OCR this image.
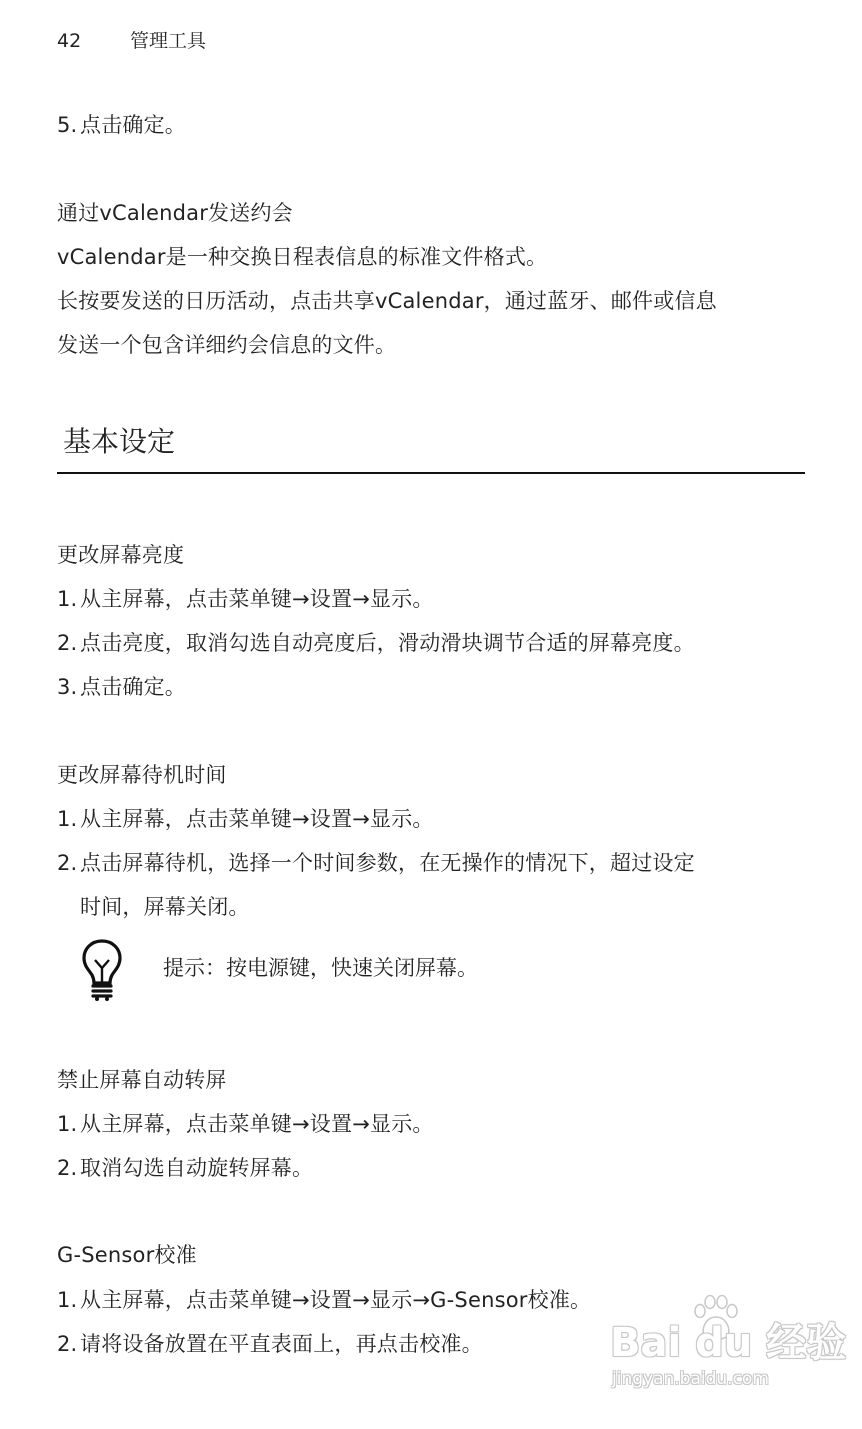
42	管理工具
5. 点击确定。
通过vCalendar发送约会
vCalendar是一种交换日程表信息的标准文件格式。
长按要发送的日历活动，点击共享vCalendar，通过蓝牙、邮件或信息
发送一个包含详细约会信息的文件。
基本设定
更改屏幕亮度
1. 从主屏幕，点击菜单键→设置→显示。
2. 点击亮度，取消勾选自动亮度后，滑动滑块调节合适的屏幕亮度。
3. 点击确定。
更改屏幕待机时间
1. 从主屏幕，点击菜单键→设置→显示。
2. 点击屏幕待机，选择一个时间参数，在无操作的情况下，超过设定
时间，屏幕关闭。
提示：按电源键，快速关闭屏幕。
禁止屏幕自动转屏
1. 从主屏幕，点击菜单键→设置→显示。
2. 取消勾选自动旋转屏幕。
G-Sensor校准
1. 从主屏幕，点击菜单键→设置→显示→G-Sensor校准。
2. 请将设备放置在平直表面上，再点击校准。	Bai du 经验
jingyan.baidu.com
